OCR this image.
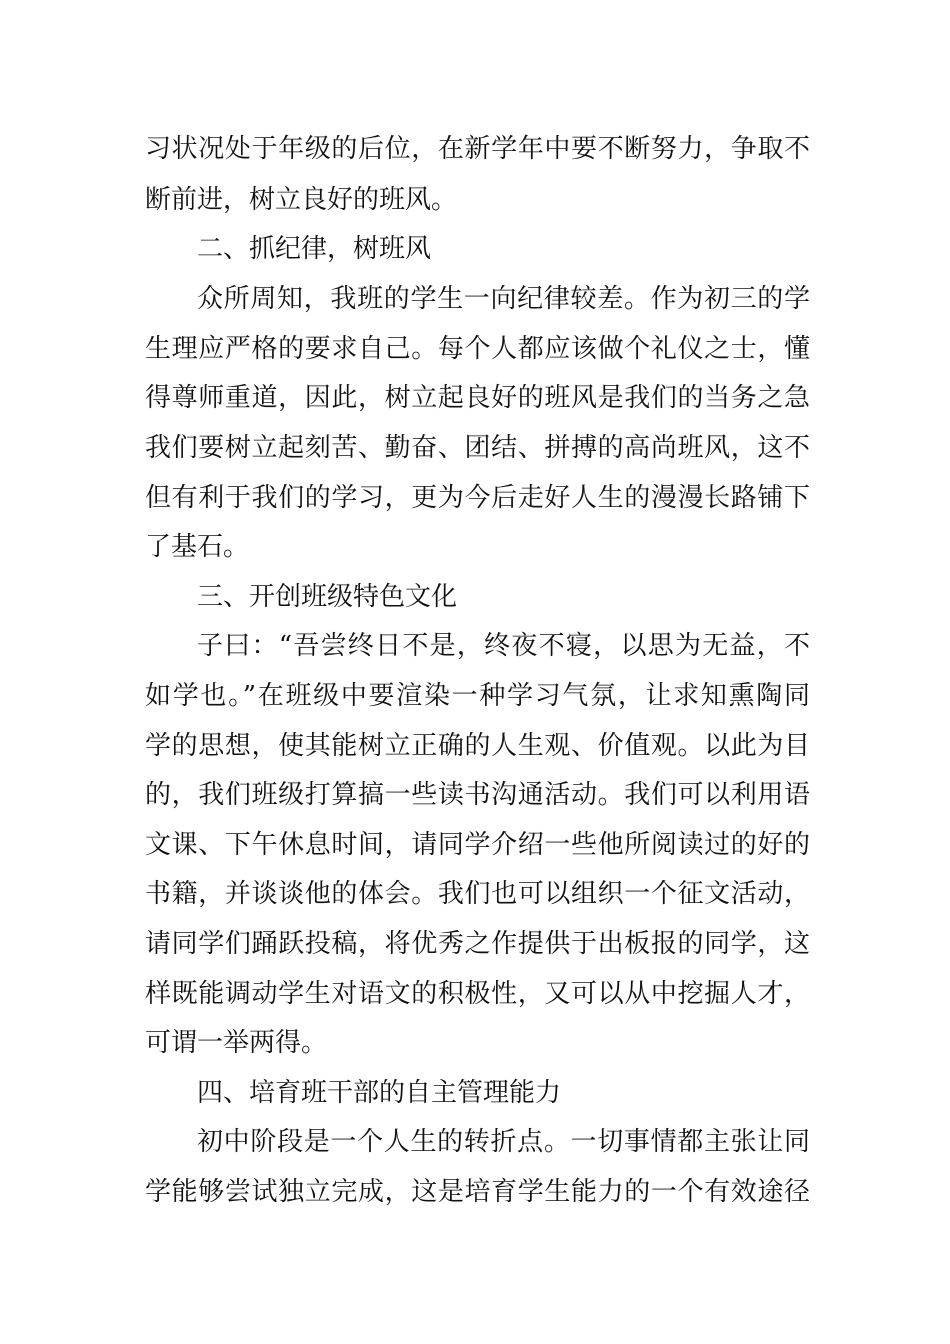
习状况处于年级的后位，在新学年中要不断努力，争取不
断前进，树立良好的班风。
二、抓纪律，树班风
众所周知，我班的学生一向纪律较差。作为初三的学
生理应严格的要求自己。每个人都应该做个礼仪之士，懂
得尊师重道，因此，树立起良好的班风是我们的当务之急
我们要树立起刻苦、勤奋、团结、拼搏的高尚班风，这不
但有利于我们的学习，更为今后走好人生的漫漫长路铺下
了基石。
三、开创班级特色文化
子曰：“吾尝终日不是，终夜不寝，以思为无益，不
如学也。”在班级中要渲染一种学习气氛，让求知熏陶同
学的思想，使其能树立正确的人生观、价值观。以此为目
的，我们班级打算搞一些读书沟通活动。我们可以利用语
文课、下午休息时间，请同学介绍一些他所阅读过的好的
书籍，并谈谈他的体会。我们也可以组织一个征文活动，
请同学们踊跃投稿，将优秀之作提供于出板报的同学，这
样既能调动学生对语文的积极性，又可以从中挖掘人才，
可谓一举两得。
四、培育班干部的自主管理能力
初中阶段是一个人生的转折点。一切事情都主张让同
学能够尝试独立完成，这是培育学生能力的一个有效途径
